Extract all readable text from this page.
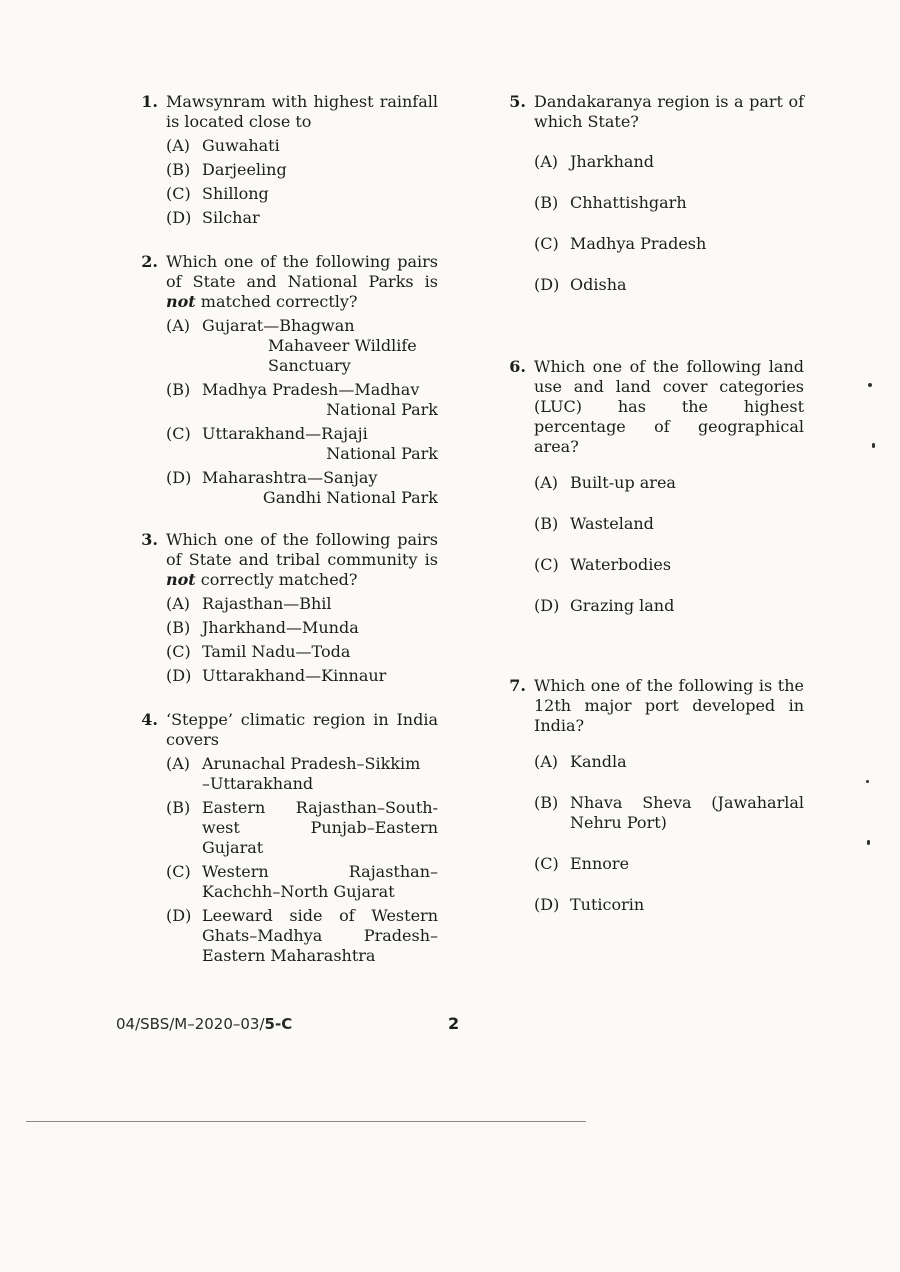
1. Mawsynram with highest rainfall is located close to
(A) Guwahati
(B) Darjeeling
(C) Shillong
(D) Silchar
2. Which one of the following pairs of State and National Parks is not matched correctly?
(A) Gujarat—Bhagwan
Mahaveer Wildlife
Sanctuary
(B) Madhya Pradesh—Madhav
National Park
(C) Uttarakhand—Rajaji
National Park
(D) Maharashtra—Sanjay
Gandhi National Park
3. Which one of the following pairs of State and tribal community is not correctly matched?
(A) Rajasthan—Bhil
(B) Jharkhand—Munda
(C) Tamil Nadu—Toda
(D) Uttarakhand—Kinnaur
4. ‘Steppe’ climatic region in India covers
(A) Arunachal Pradesh–Sikkim
–Uttarakhand
(B) Eastern Rajasthan–South-
west Punjab–Eastern
Gujarat
(C) Western Rajasthan–
Kachchh–North Gujarat
(D) Leeward side of Western
Ghats–Madhya Pradesh–
Eastern Maharashtra
5. Dandakaranya region is a part of which State?
(A) Jharkhand
(B) Chhattishgarh
(C) Madhya Pradesh
(D) Odisha
6. Which one of the following land use and land cover categories (LUC) has the highest percentage of geographical area?
(A) Built-up area
(B) Wasteland
(C) Waterbodies
(D) Grazing land
7. Which one of the following is the 12th major port developed in India?
(A) Kandla
(B) Nhava Sheva (Jawaharlal
Nehru Port)
(C) Ennore
(D) Tuticorin
04/SBS/M–2020–03/5-C	2
